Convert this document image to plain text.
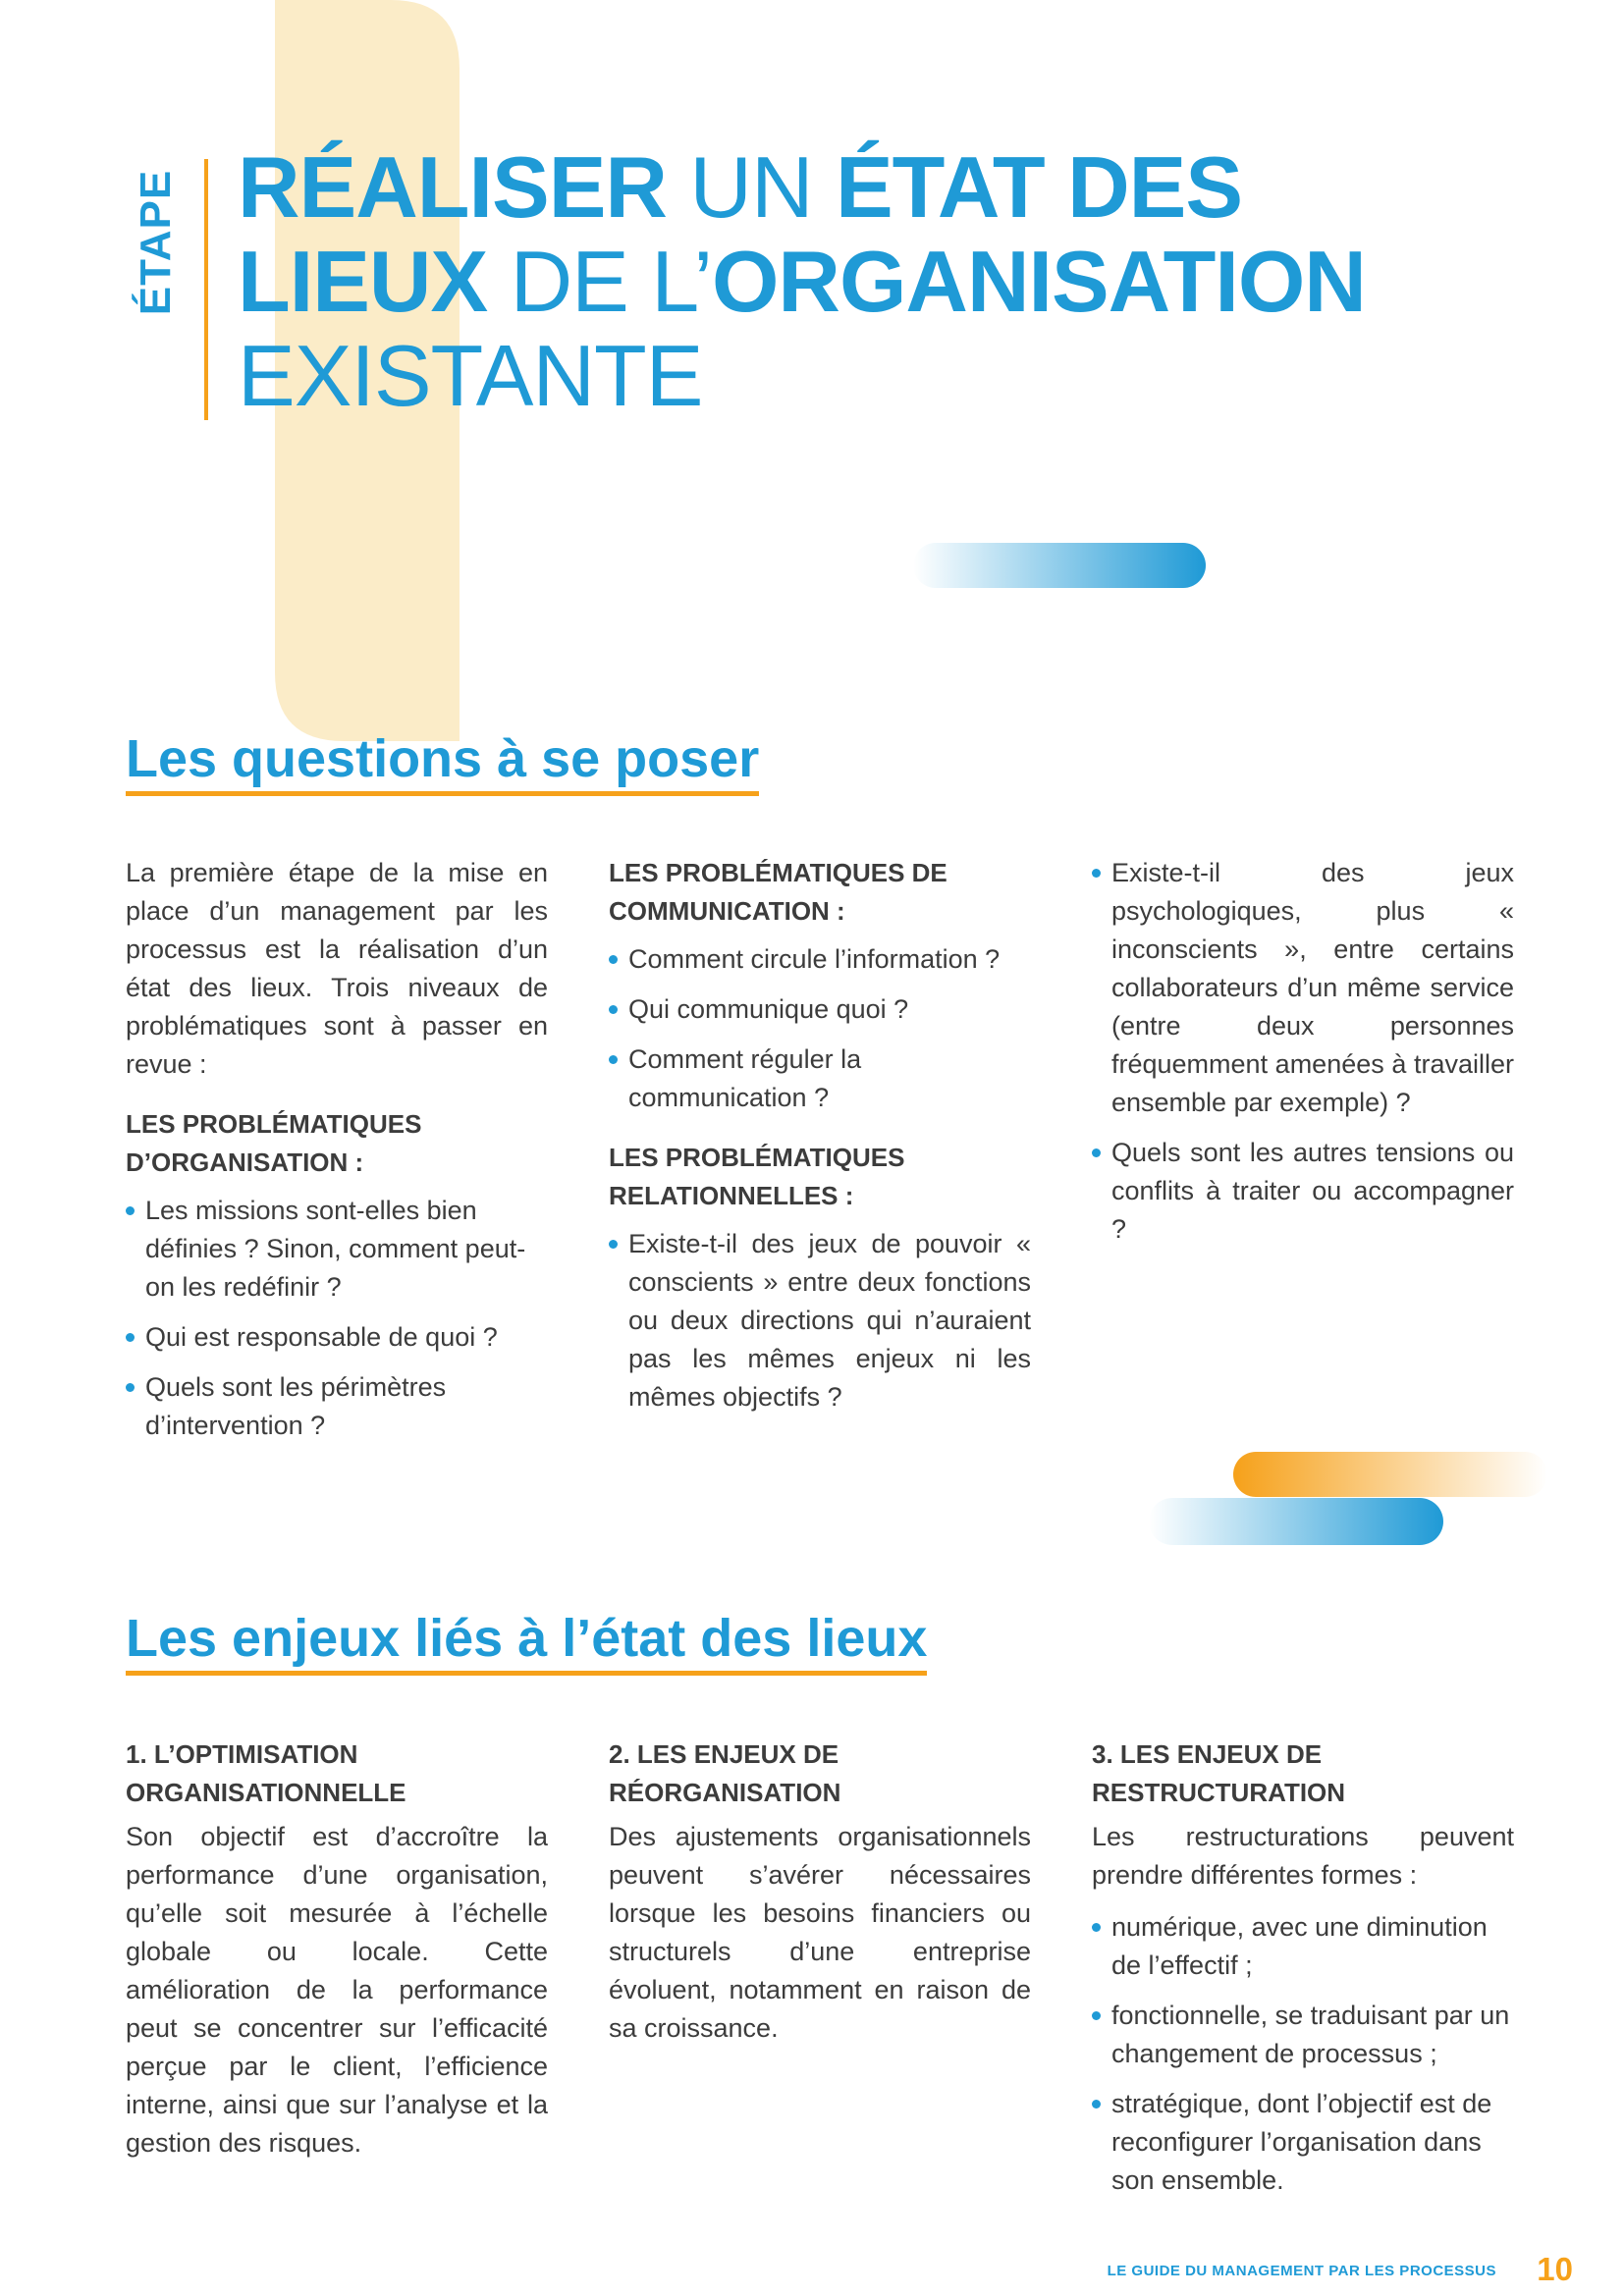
ÉTAPE RÉALISER UN ÉTAT DES
LIEUX DE L’ORGANISATION
EXISTANTE
Les questions à se poser

La première étape de la mise en place d’un management par les processus est la réalisation d’un état des lieux. Trois niveaux de problématiques sont à passer en revue :

LES PROBLÉMATIQUES D’ORGANISATION :
Les missions sont-elles bien définies ? Sinon, comment peut-on les redéfinir ?
Qui est responsable de quoi ?
Quels sont les périmètres d’intervention ?
LES PROBLÉMATIQUES DE COMMUNICATION :
Comment circule l’information ?
Qui communique quoi ?
Comment réguler la communication ?
LES PROBLÉMATIQUES RELATIONNELLES :
Existe-t-il des jeux de pouvoir « conscients » entre deux fonctions ou deux directions qui n’auraient pas les mêmes enjeux ni les mêmes objectifs ?
Existe-t-il des jeux psychologiques, plus « inconscients », entre certains collaborateurs d’un même service (entre deux personnes fréquemment amenées à travailler ensemble par exemple) ?
Quels sont les autres tensions ou conflits à traiter ou accompagner ?
Les enjeux liés à l’état des lieux
1. L’OPTIMISATION ORGANISATIONNELLE

Son objectif est d’accroître la performance d’une organisation, qu’elle soit mesurée à l’échelle globale ou locale. Cette amélioration de la performance peut se concentrer sur l’efficacité perçue par le client, l’efficience interne, ainsi que sur l’analyse et la gestion des risques.

2. LES ENJEUX DE RÉORGANISATION

Des ajustements organisationnels peuvent s’avérer nécessaires lorsque les besoins financiers ou structurels d’une entreprise évoluent, notamment en raison de sa croissance.

3. LES ENJEUX DE RESTRUCTURATION

Les restructurations peuvent prendre différentes formes :

numérique, avec une diminution de l’effectif ;
fonctionnelle, se traduisant par un changement de processus ;
stratégique, dont l’objectif est de reconfigurer l’organisation dans son ensemble.
LE GUIDE DU MANAGEMENT PAR LES PROCESSUS 10
